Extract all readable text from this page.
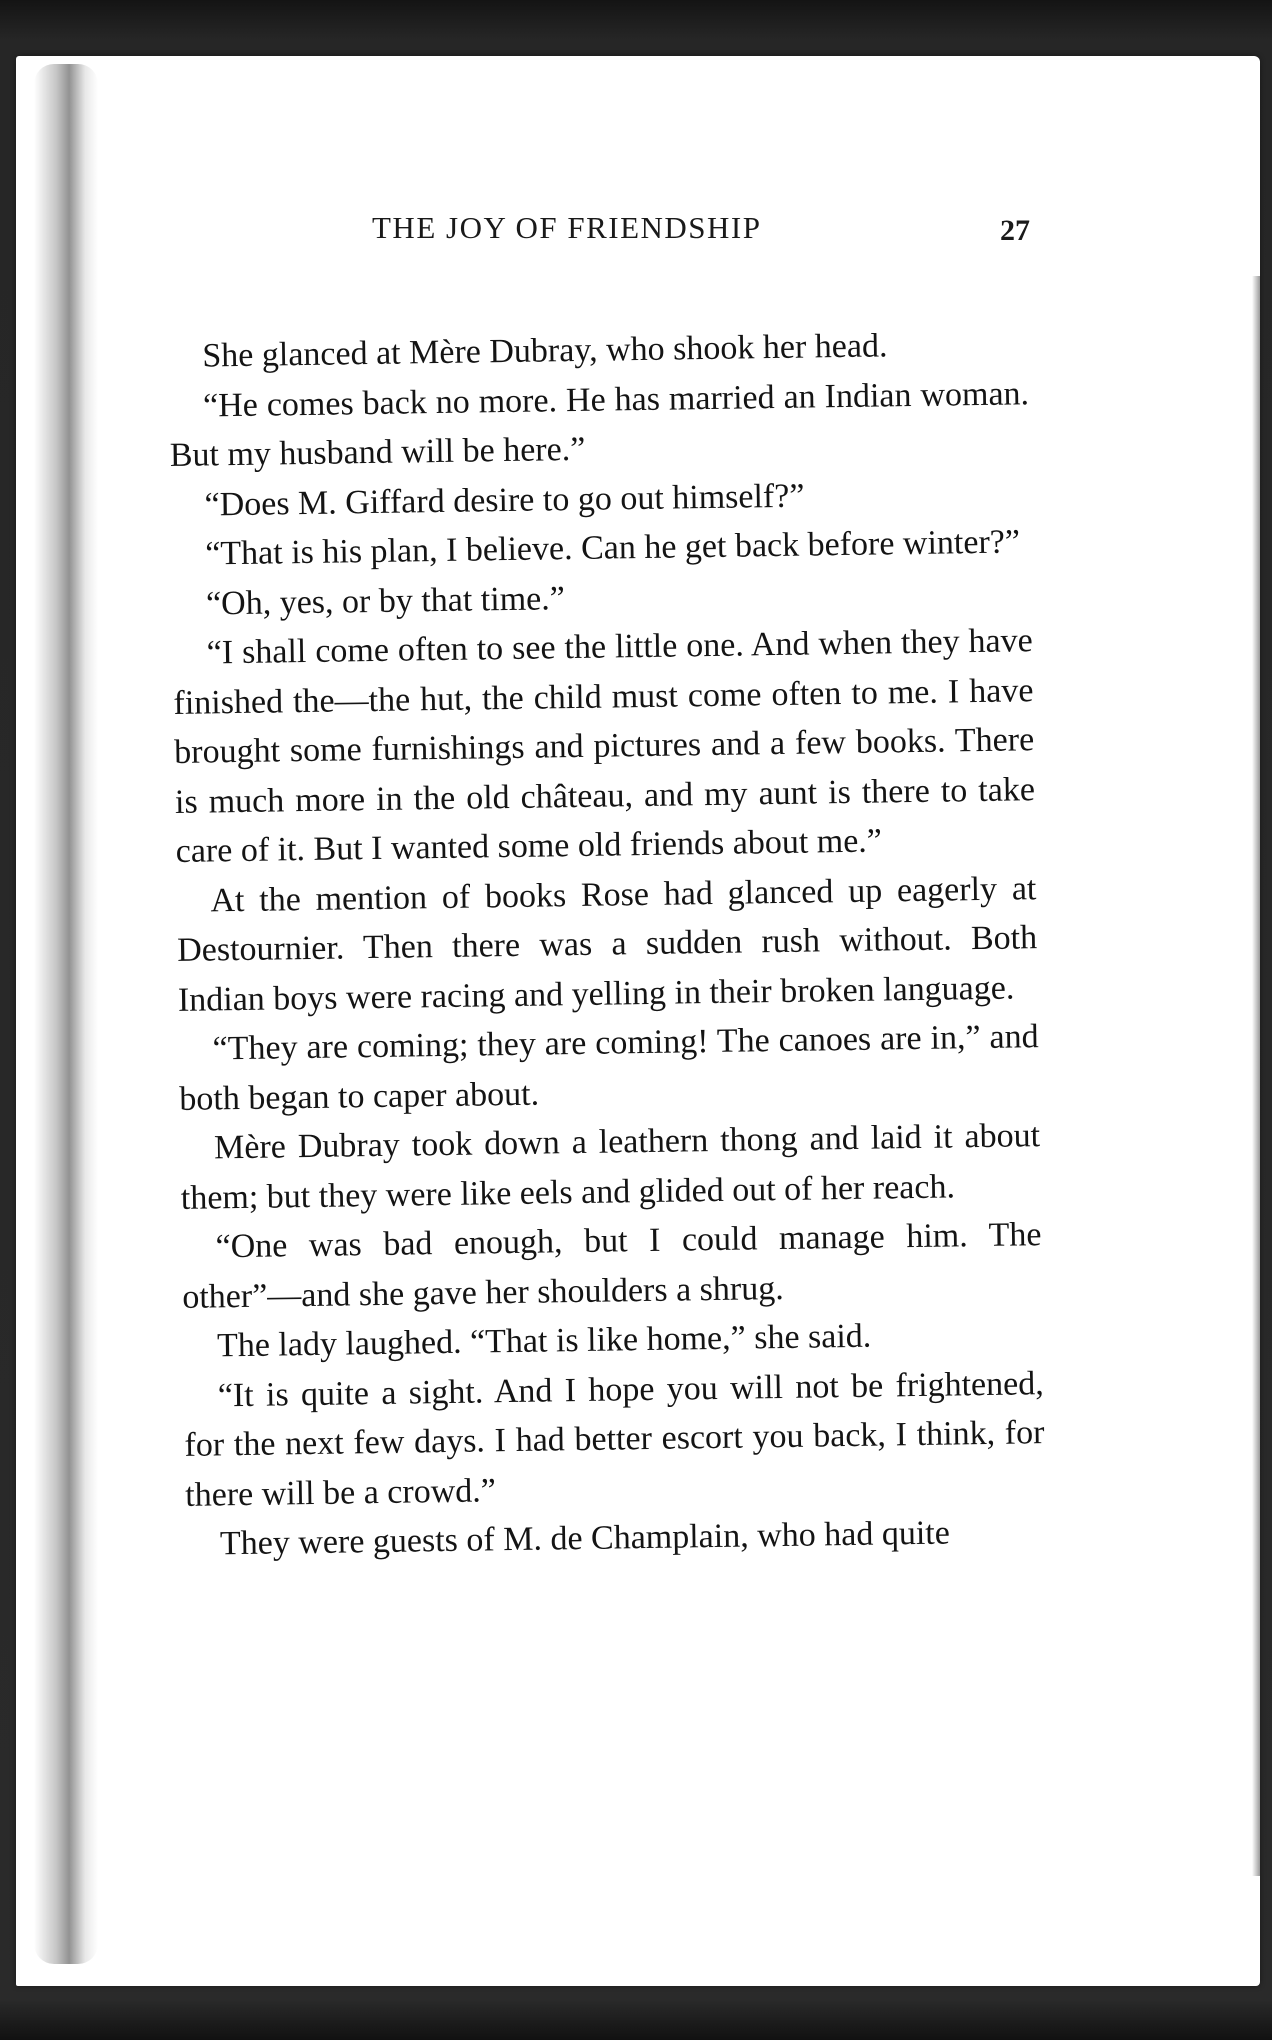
THE JOY OF FRIENDSHIP	27

She glanced at Mère Dubray, who shook her head.

“He comes back no more. He has married an Indian woman. But my husband will be here.”

“Does M. Giffard desire to go out himself?”

“That is his plan, I believe. Can he get back before winter?”

“Oh, yes, or by that time.”

“I shall come often to see the little one. And when they have finished the—the hut, the child must come often to me. I have brought some furnishings and pictures and a few books. There is much more in the old château, and my aunt is there to take care of it. But I wanted some old friends about me.”

At the mention of books Rose had glanced up eagerly at Destournier. Then there was a sudden rush without. Both Indian boys were racing and yelling in their broken language.

“They are coming; they are coming! The canoes are in,” and both began to caper about.

Mère Dubray took down a leathern thong and laid it about them; but they were like eels and glided out of her reach.

“One was bad enough, but I could manage him. The other”—and she gave her shoulders a shrug.

The lady laughed. “That is like home,” she said.

“It is quite a sight. And I hope you will not be frightened, for the next few days. I had better escort you back, I think, for there will be a crowd.”

They were guests of M. de Champlain, who had quite
